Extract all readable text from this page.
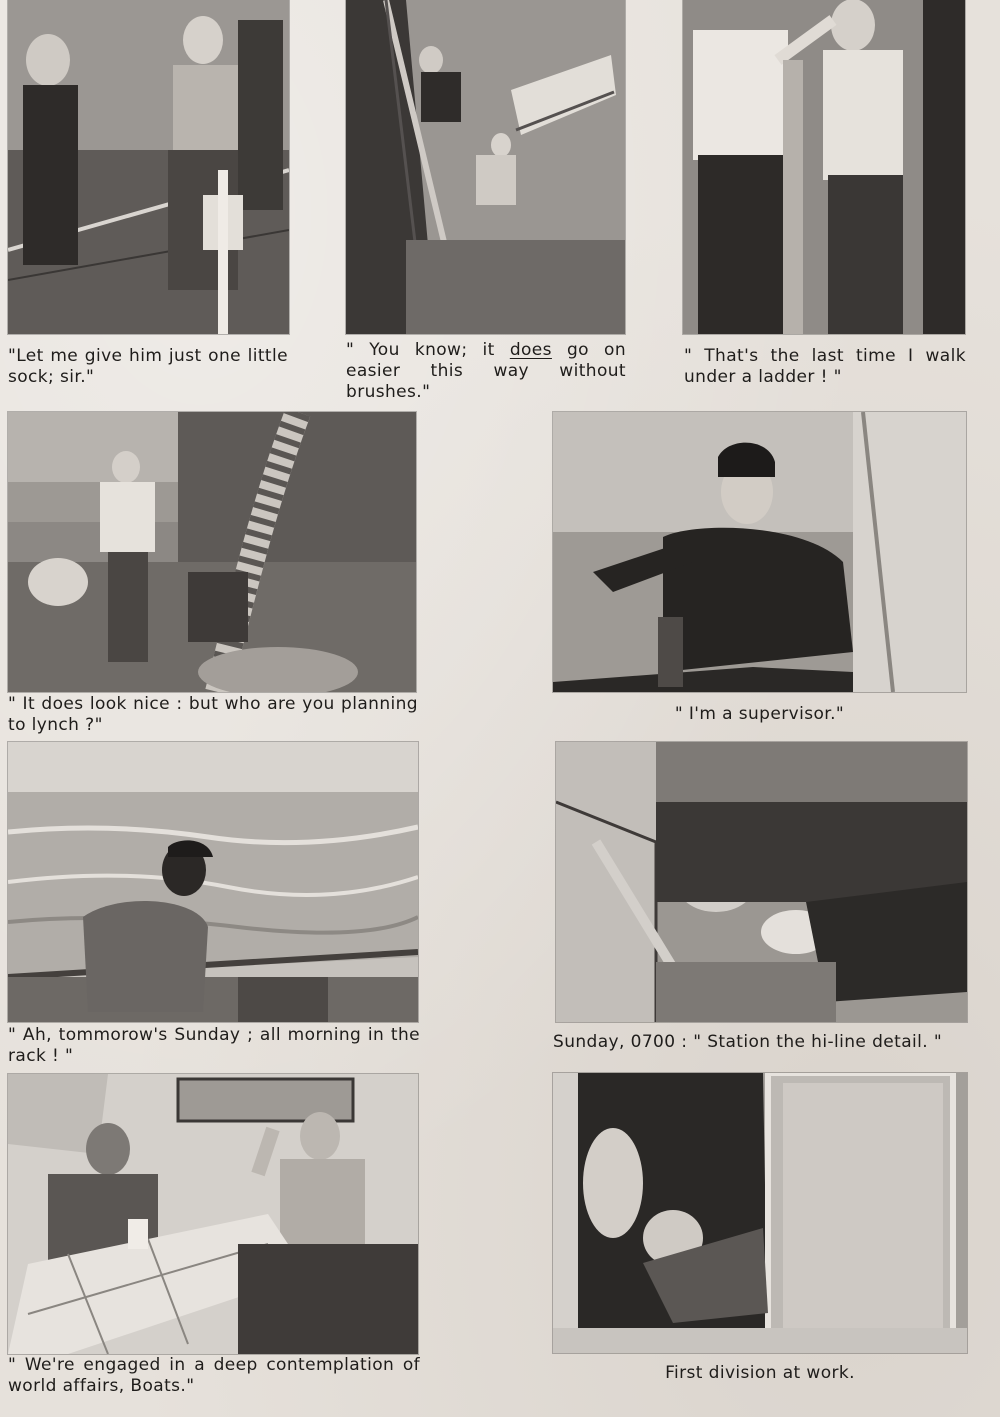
"Let me give him just one little sock; sir."
" You know; it does go on easier this way without brushes."
" That's the last time I walk under a ladder ! "
" It does look nice : but who are you planning to lynch ?"
" I'm a supervisor."
" Ah, tommorow's Sunday ; all morning in the rack ! "
Sunday, 0700 : " Station the hi-line detail. "
" We're engaged in a deep contemplation of world affairs, Boats."
First division at work.
